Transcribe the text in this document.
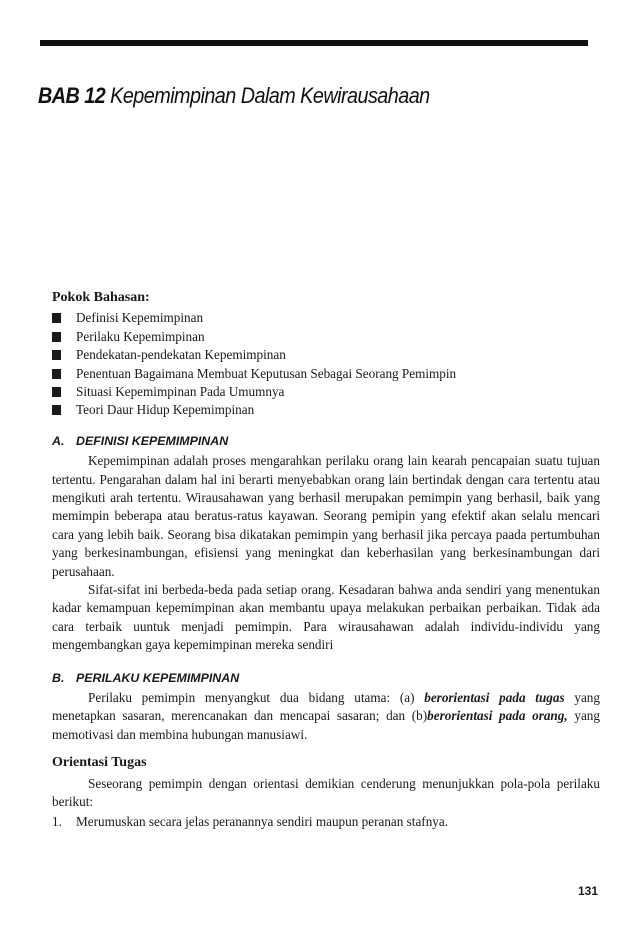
BAB 12 Kepemimpinan Dalam Kewirausahaan
Pokok Bahasan:
Definisi Kepemimpinan
Perilaku Kepemimpinan
Pendekatan-pendekatan Kepemimpinan
Penentuan Bagaimana Membuat Keputusan Sebagai Seorang Pemimpin
Situasi Kepemimpinan Pada Umumnya
Teori Daur Hidup Kepemimpinan
A. DEFINISI KEPEMIMPINAN

Kepemimpinan adalah proses mengarahkan perilaku orang lain kearah pencapaian suatu tujuan tertentu. Pengarahan dalam hal ini berarti menyebabkan orang lain bertindak dengan cara tertentu atau mengikuti arah tertentu. Wirausahawan yang berhasil merupakan pemimpin yang berhasil, baik yang memimpin beberapa atau beratus-ratus kayawan. Seorang pemipin yang efektif akan selalu mencari cara yang lebih baik. Seorang bisa dikatakan pemimpin yang berhasil jika percaya paada pertumbuhan yang berkesinambungan, efisiensi yang meningkat dan keberhasilan yang berkesinambungan dari perusahaan.

Sifat-sifat ini berbeda-beda pada setiap orang. Kesadaran bahwa anda sendiri yang menentukan kadar kemampuan kepemimpinan akan membantu upaya melakukan perbaikan perbaikan. Tidak ada cara terbaik uuntuk menjadi pemimpin. Para wirausahawan adalah individu-individu yang mengembangkan gaya kepemimpinan mereka sendiri

B. PERILAKU KEPEMIMPINAN

Perilaku pemimpin menyangkut dua bidang utama: (a) berorientasi pada tugas yang menetapkan sasaran, merencanakan dan mencapai sasaran; dan (b)berorientasi pada orang, yang memotivasi dan membina hubungan manusiawi.

Orientasi Tugas

Seseorang pemimpin dengan orientasi demikian cenderung menunjukkan pola-pola perilaku berikut:

1. Merumuskan secara jelas peranannya sendiri maupun peranan stafnya.
131
